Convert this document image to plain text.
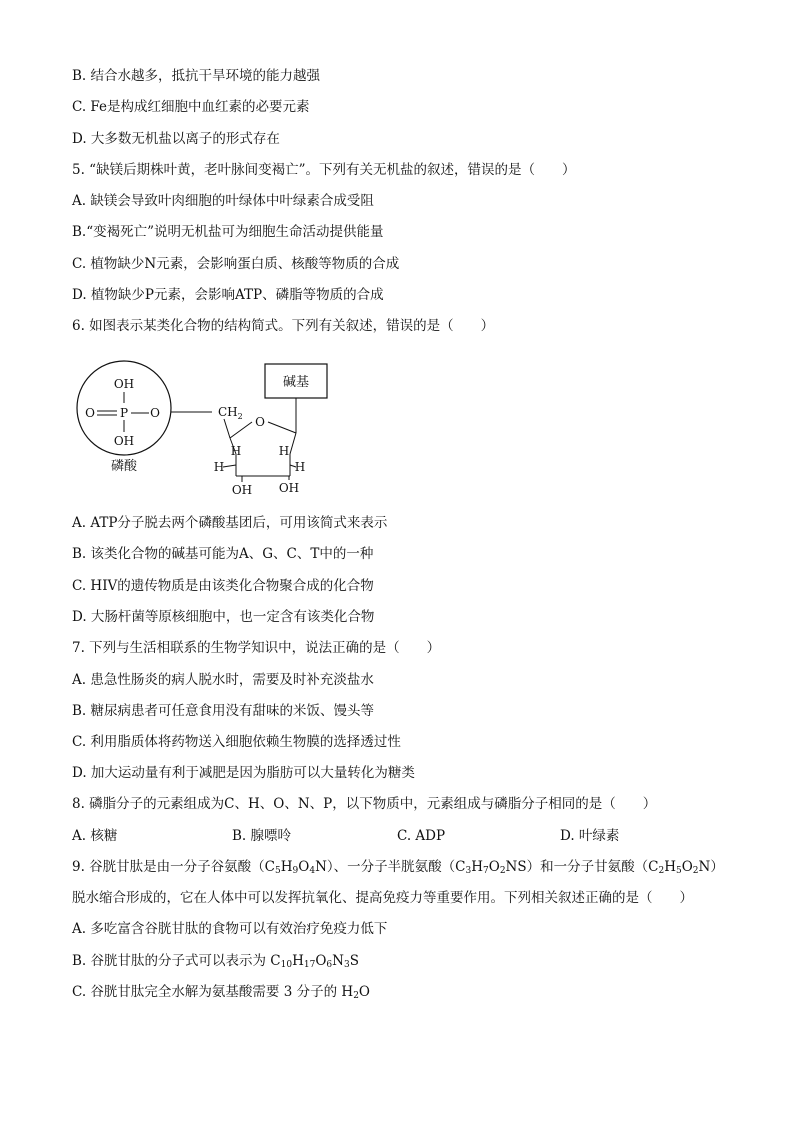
B. 结合水越多，抵抗干旱环境的能力越强
C. Fe是构成红细胞中血红素的必要元素
D. 大多数无机盐以离子的形式存在
5. “缺镁后期株叶黄，老叶脉间变褐亡”。下列有关无机盐的叙述，错误的是（　　）
A. 缺镁会导致叶肉细胞的叶绿体中叶绿素合成受阻
B.“变褐死亡”说明无机盐可为细胞生命活动提供能量
C. 植物缺少N元素，会影响蛋白质、核酸等物质的合成
D. 植物缺少P元素，会影响ATP、磷脂等物质的合成
6. 如图表示某类化合物的结构简式。下列有关叙述，错误的是（　　）
OH
O P O
OH
磷酸
$CH_2$
碱基
O
H
H
H
H
OH OH
A. ATP分子脱去两个磷酸基团后，可用该简式来表示
B. 该类化合物的碱基可能为A、G、C、T中的一种
C. HIV的遗传物质是由该类化合物聚合成的化合物
D. 大肠杆菌等原核细胞中，也一定含有该类化合物
7. 下列与生活相联系的生物学知识中，说法正确的是（　　）
A. 患急性肠炎的病人脱水时，需要及时补充淡盐水
B. 糖尿病患者可任意食用没有甜味的米饭、馒头等
C. 利用脂质体将药物送入细胞依赖生物膜的选择透过性
D. 加大运动量有利于减肥是因为脂肪可以大量转化为糖类
8. 磷脂分子的元素组成为C、H、O、N、P，以下物质中，元素组成与磷脂分子相同的是（　　）
A. 核糖	B. 腺嘌呤	C. ADP	D. 叶绿素
9. 谷胱甘肽是由一分子谷氨酸$(C_5H_9O_4N)$、一分子半胱氨酸$(C_3H_7O_2NS)$和一分子甘氨酸$(C_2H_5O_2N)$
脱水缩合形成的，它在人体中可以发挥抗氧化、提高免疫力等重要作用。下列相关叙述正确的是（　　）
A. 多吃富含谷胱甘肽的食物可以有效治疗免疫力低下
B. 谷胱甘肽的分子式可以表示为 $C_{10}H_{17}O_6N_3S$
C. 谷胱甘肽完全水解为氨基酸需要 3 分子的 $H_2O$
